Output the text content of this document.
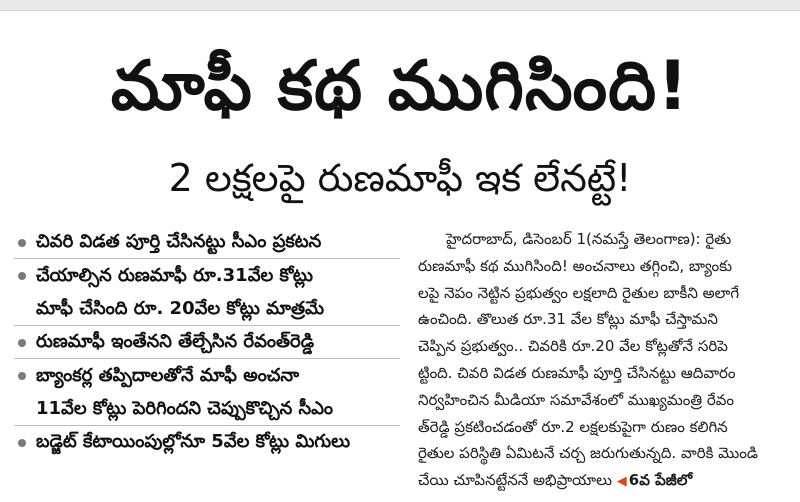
మాఫీ కథ ముగిసింది!
2 లక్షలపై రుణమాఫీ ఇక లేనట్టే!
చివరి విడత పూర్తి చేసినట్టు సీఎం ప్రకటన
చేయాల్సిన రుణమాఫీ రూ.31వేల కోట్లు
మాఫీ చేసింది రూ. 20వేల కోట్లు మాత్రమే
రుణమాఫీ ఇంతేనని తేల్చేసిన రేవంత్‌రెడ్డి
బ్యాంకర్ల తప్పిదాలతోనే మాఫీ అంచనా
11వేల కోట్లు పెరిగిందని చెప్పుకొచ్చిన సీఎం
బడ్జెట్ కేటాయింపుల్లోనూ 5వేల కోట్లు మిగులు
హైదరాబాద్, డిసెంబర్ 1(నమస్తే తెలంగాణ): రైతు
రుణమాఫీ కథ ముగిసింది! అంచనాలు తగ్గించి, బ్యాంకు
లపై నెపం నెట్టిన ప్రభుత్వం లక్షలాది రైతుల బాకీని అలాగే
ఉంచింది. తొలుత రూ.31 వేల కోట్లు మాఫీ చేస్తామని
చెప్పిన ప్రభుత్వం.. చివరికి రూ.20 వేల కోట్లతోనే సరిపె
ట్టింది. చివరి విడత రుణమాఫీ పూర్తి చేసినట్టు ఆదివారం
నిర్వహించిన మీడియా సమావేశంలో ముఖ్యమంత్రి రేవం
త్‌రెడ్డి ప్రకటించడంతో రూ.2 లక్షలకుపైగా రుణం కలిగిన
రైతుల పరిస్థితి ఏమిటనే చర్చ జరుగుతున్నది. వారికి మొండి
చేయి చూపినట్టేననే అభిప్రాయాలు ◀ 6వ పేజీలో
